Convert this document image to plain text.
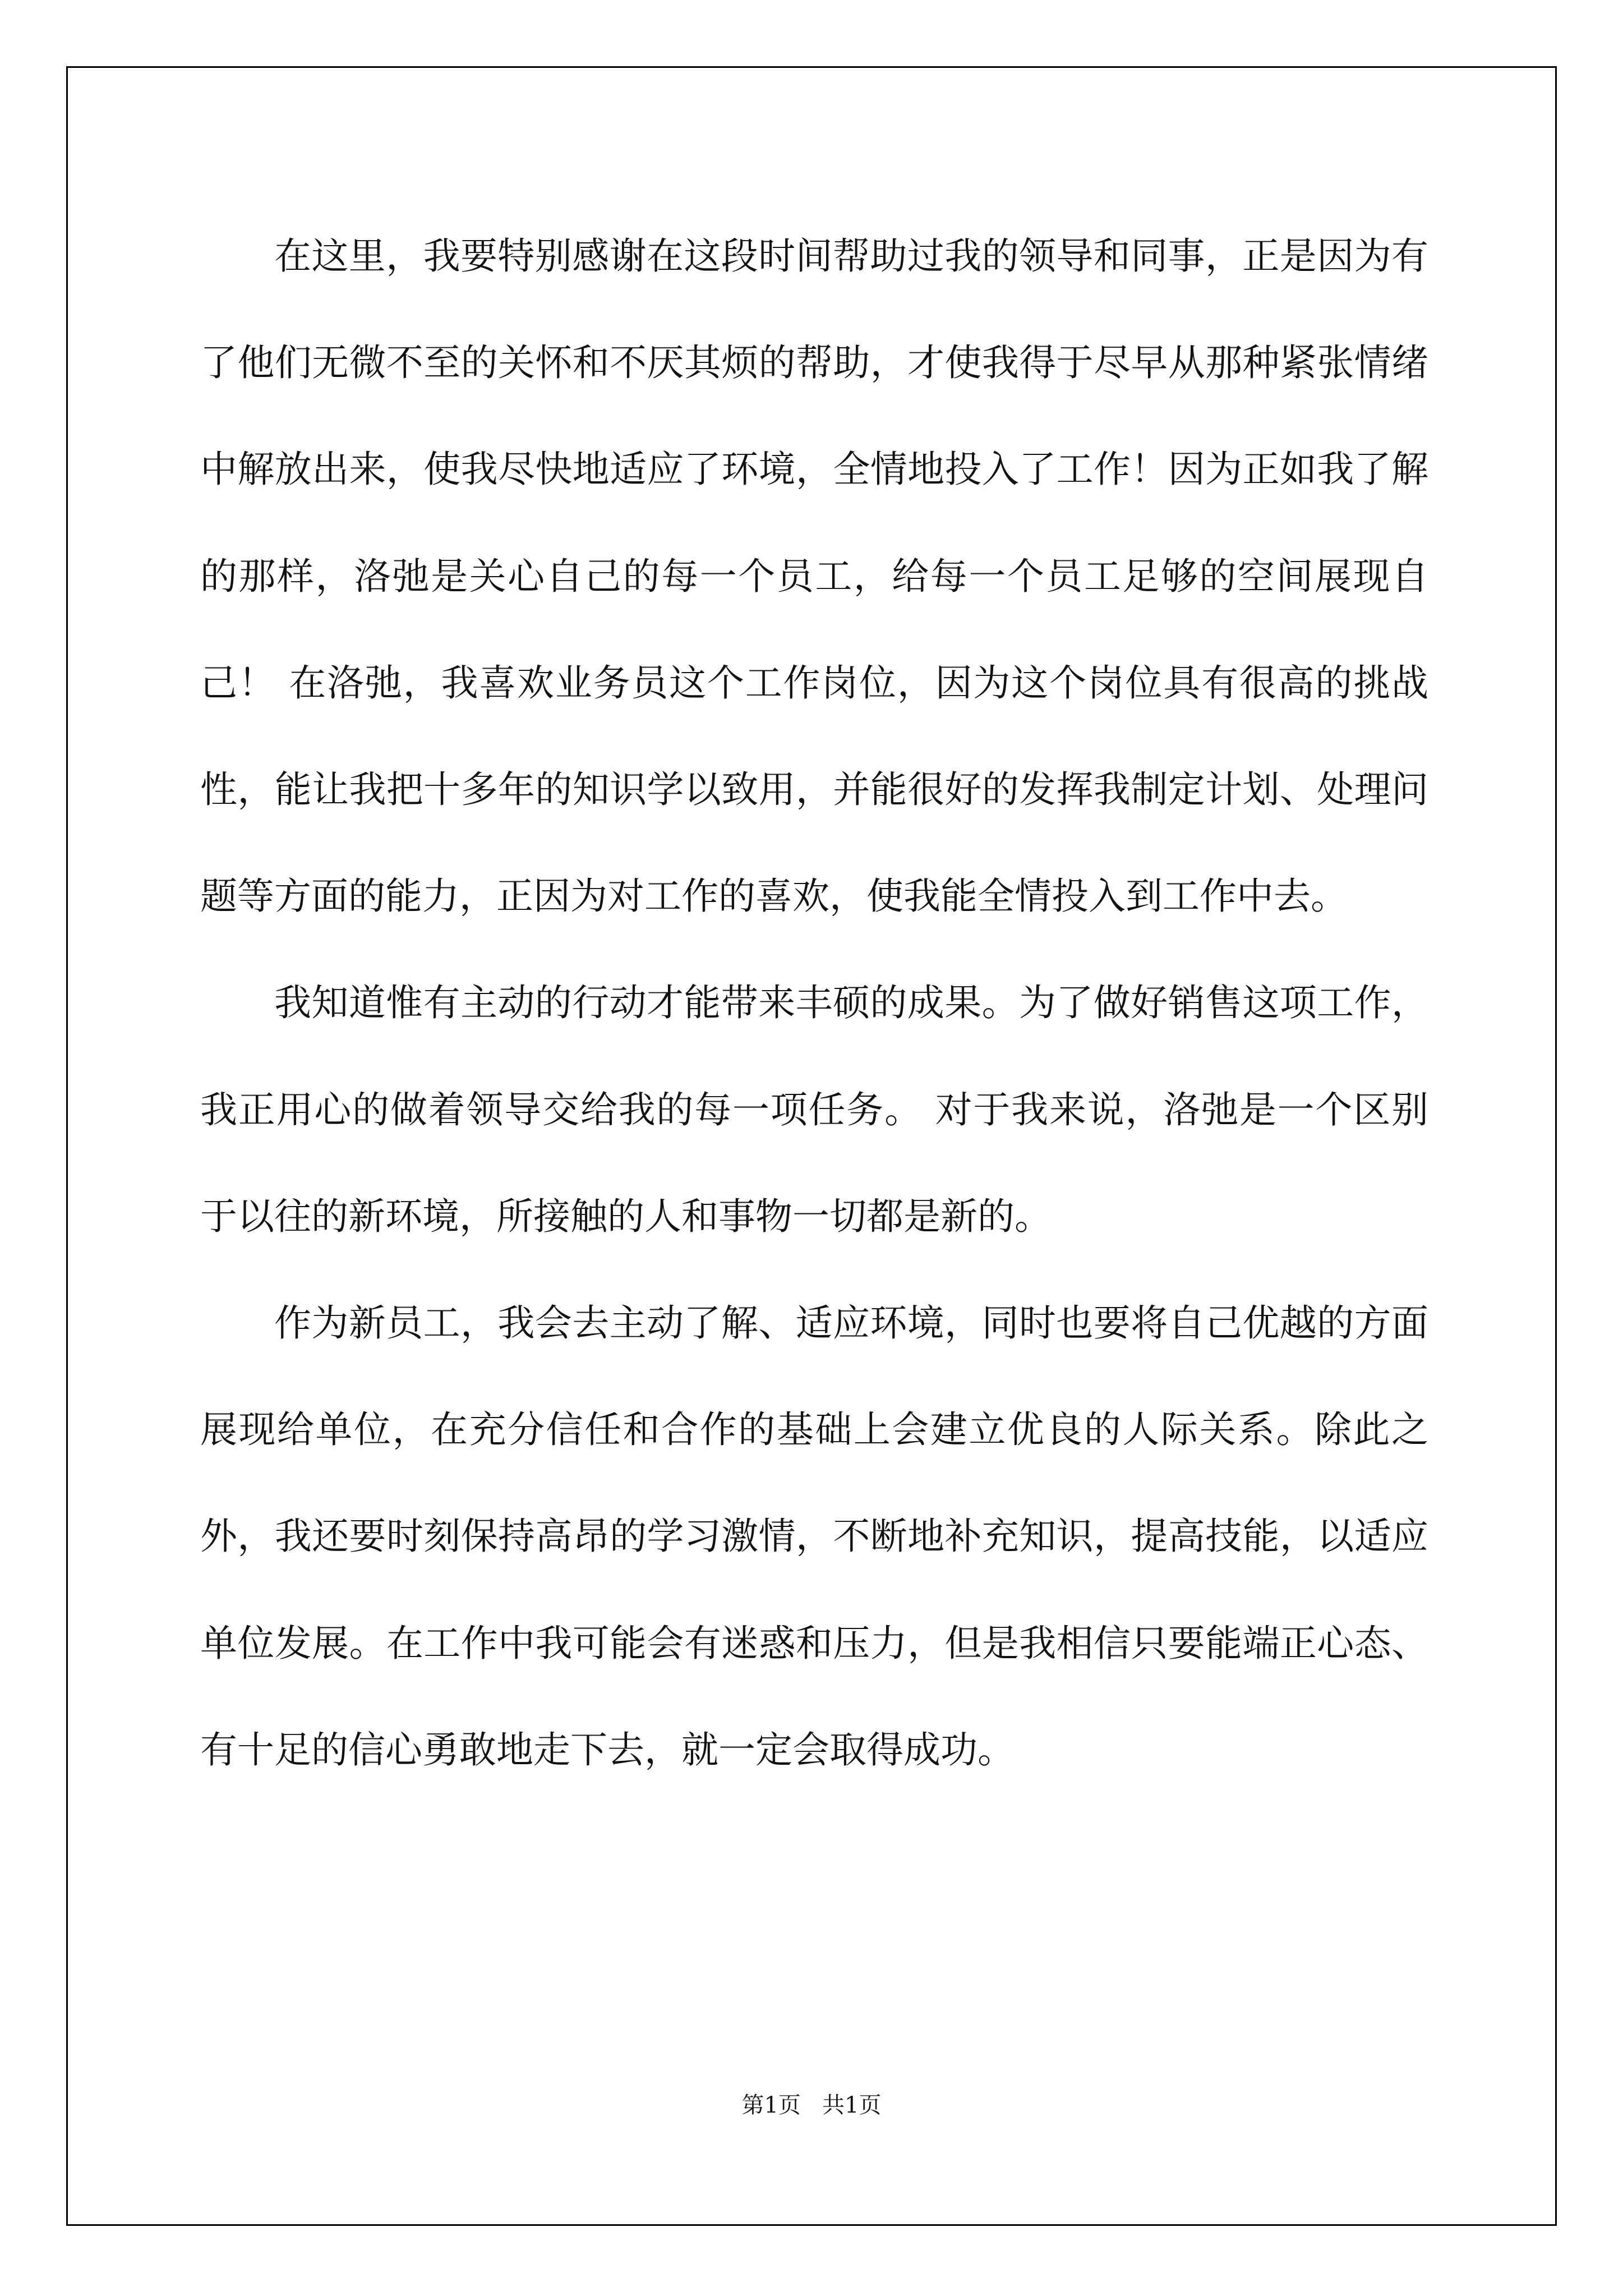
在这里，我要特别感谢在这段时间帮助过我的领导和同事，正是因为有了他们无微不至的关怀和不厌其烦的帮助，才使我得于尽早从那种紧张情绪中解放出来，使我尽快地适应了环境，全情地投入了工作！因为正如我了解的那样，洛弛是关心自己的每一个员工，给每一个员工足够的空间展现自己！ 在洛弛，我喜欢业务员这个工作岗位，因为这个岗位具有很高的挑战性，能让我把十多年的知识学以致用，并能很好的发挥我制定计划、处理问题等方面的能力，正因为对工作的喜欢，使我能全情投入到工作中去。

我知道惟有主动的行动才能带来丰硕的成果。为了做好销售这项工作，我正用心的做着领导交给我的每一项任务。 对于我来说，洛弛是一个区别于以往的新环境，所接触的人和事物一切都是新的。

作为新员工，我会去主动了解、适应环境，同时也要将自己优越的方面展现给单位，在充分信任和合作的基础上会建立优良的人际关系。除此之外，我还要时刻保持高昂的学习激情，不断地补充知识，提高技能，以适应单位发展。在工作中我可能会有迷惑和压力，但是我相信只要能端正心态、有十足的信心勇敢地走下去，就一定会取得成功。

第1页   共1页
